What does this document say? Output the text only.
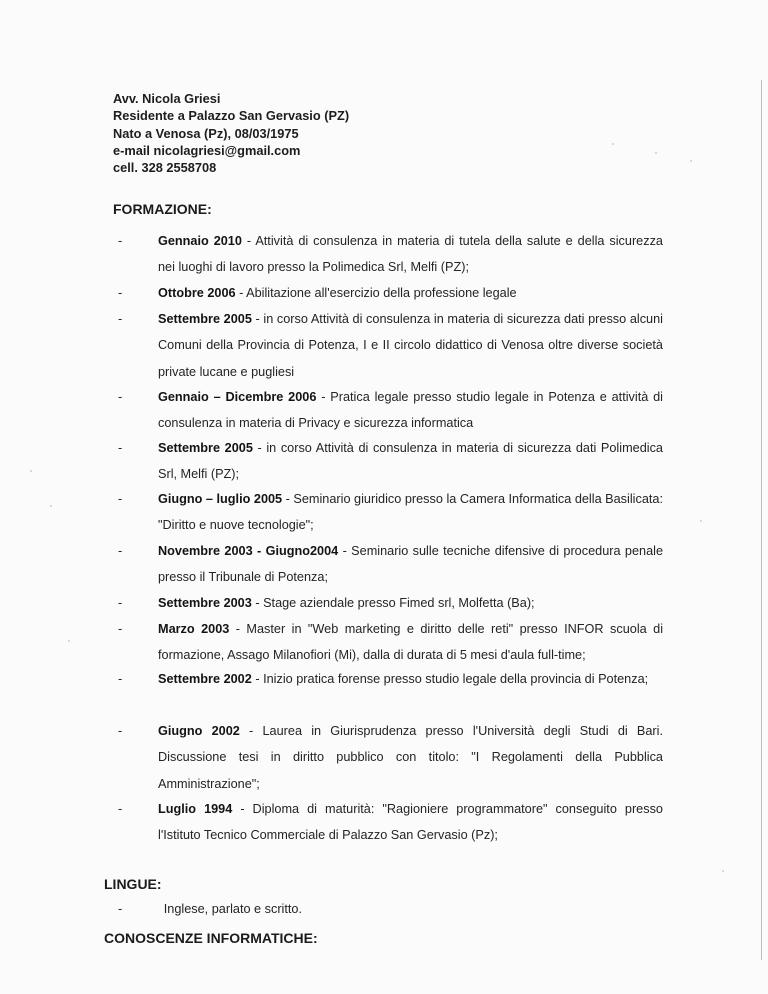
Avv. Nicola Griesi
Residente a Palazzo San Gervasio (PZ)
Nato a Venosa (Pz), 08/03/1975
e-mail nicolagriesi@gmail.com
cell. 328 2558708
FORMAZIONE:
-	Gennaio 2010 - Attività di consulenza in materia di tutela della salute e della sicurezza nei luoghi di lavoro presso la Polimedica Srl, Melfi (PZ);
-	Ottobre 2006 - Abilitazione all'esercizio della professione legale
-	Settembre 2005 - in corso Attività di consulenza in materia di sicurezza dati presso alcuni Comuni della Provincia di Potenza, I e II circolo didattico di Venosa oltre diverse società private lucane e pugliesi
-	Gennaio – Dicembre 2006 - Pratica legale presso studio legale in Potenza e attività di consulenza in materia di Privacy e sicurezza informatica
-	Settembre 2005 - in corso Attività di consulenza in materia di sicurezza dati Polimedica Srl, Melfi (PZ);
-	Giugno – luglio 2005 - Seminario giuridico presso la Camera Informatica della Basilicata: "Diritto e nuove tecnologie";
-	Novembre 2003 - Giugno2004 - Seminario sulle tecniche difensive di procedura penale presso il Tribunale di Potenza;
-	Settembre 2003 - Stage aziendale presso Fimed srl, Molfetta (Ba);
-	Marzo 2003 - Master in "Web marketing e diritto delle reti" presso INFOR scuola di formazione, Assago Milanofiori (Mi), dalla di durata di 5 mesi d'aula full-time;
-	Settembre 2002 - Inizio pratica forense presso studio legale della provincia di Potenza;
-	Giugno 2002 - Laurea in Giurisprudenza presso l'Università degli Studi di Bari. Discussione tesi in diritto pubblico con titolo: "I Regolamenti della Pubblica Amministrazione";
-	Luglio 1994 - Diploma di maturità: "Ragioniere programmatore" conseguito presso l'Istituto Tecnico Commerciale di Palazzo San Gervasio (Pz);
LINGUE:
-	Inglese, parlato e scritto.
CONOSCENZE INFORMATICHE:
